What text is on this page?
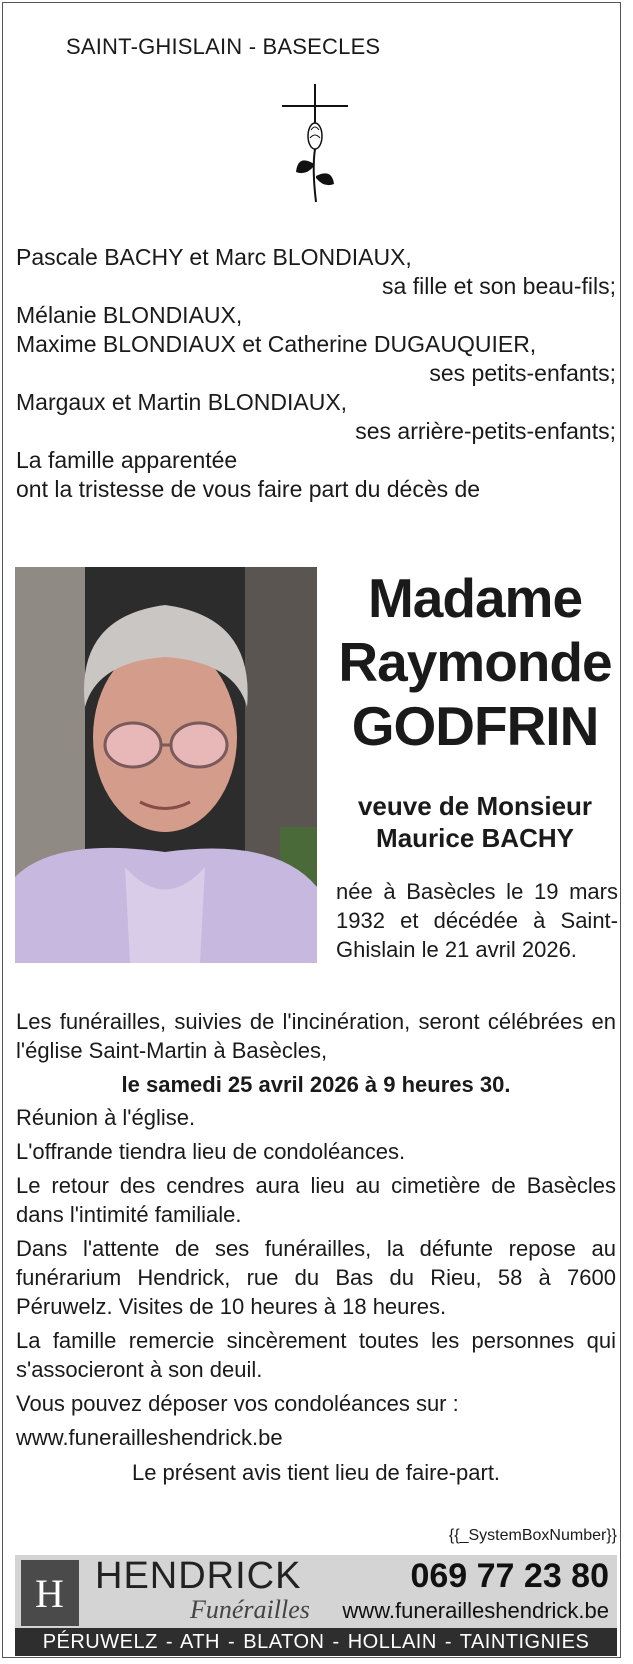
SAINT-GHISLAIN - BASECLES
Pascale BACHY et Marc BLONDIAUX,
sa fille et son beau-fils;
Mélanie BLONDIAUX,
Maxime BLONDIAUX et Catherine DUGAUQUIER,
ses petits-enfants;
Margaux et Martin BLONDIAUX,
ses arrière-petits-enfants;
La famille apparentée
ont la tristesse de vous faire part du décès de
Madame
Raymonde
GODFRIN
veuve de Monsieur
Maurice BACHY
née à Basècles le 19 mars 1932 et décédée à Saint-Ghislain le 21 avril 2026.

Les funérailles, suivies de l'incinération, seront célébrées en l'église Saint-Martin à Basècles,

le samedi 25 avril 2026 à 9 heures 30.

Réunion à l'église.

L'offrande tiendra lieu de condoléances.

Le retour des cendres aura lieu au cimetière de Basècles dans l'intimité familiale.

Dans l'attente de ses funérailles, la défunte repose au funérarium Hendrick, rue du Bas du Rieu, 58 à 7600 Péruwelz. Visites de 10 heures à 18 heures.

La famille remercie sincèrement toutes les personnes qui s'associeront à son deuil.

Vous pouvez déposer vos condoléances sur :

www.funerailleshendrick.be

Le présent avis tient lieu de faire-part.

{{_SystemBoxNumber}}
H HENDRICK
Funérailles
069 77 23 80
www.funerailleshendrick.be
PÉRUWELZ - ATH - BLATON - HOLLAIN - TAINTIGNIES
